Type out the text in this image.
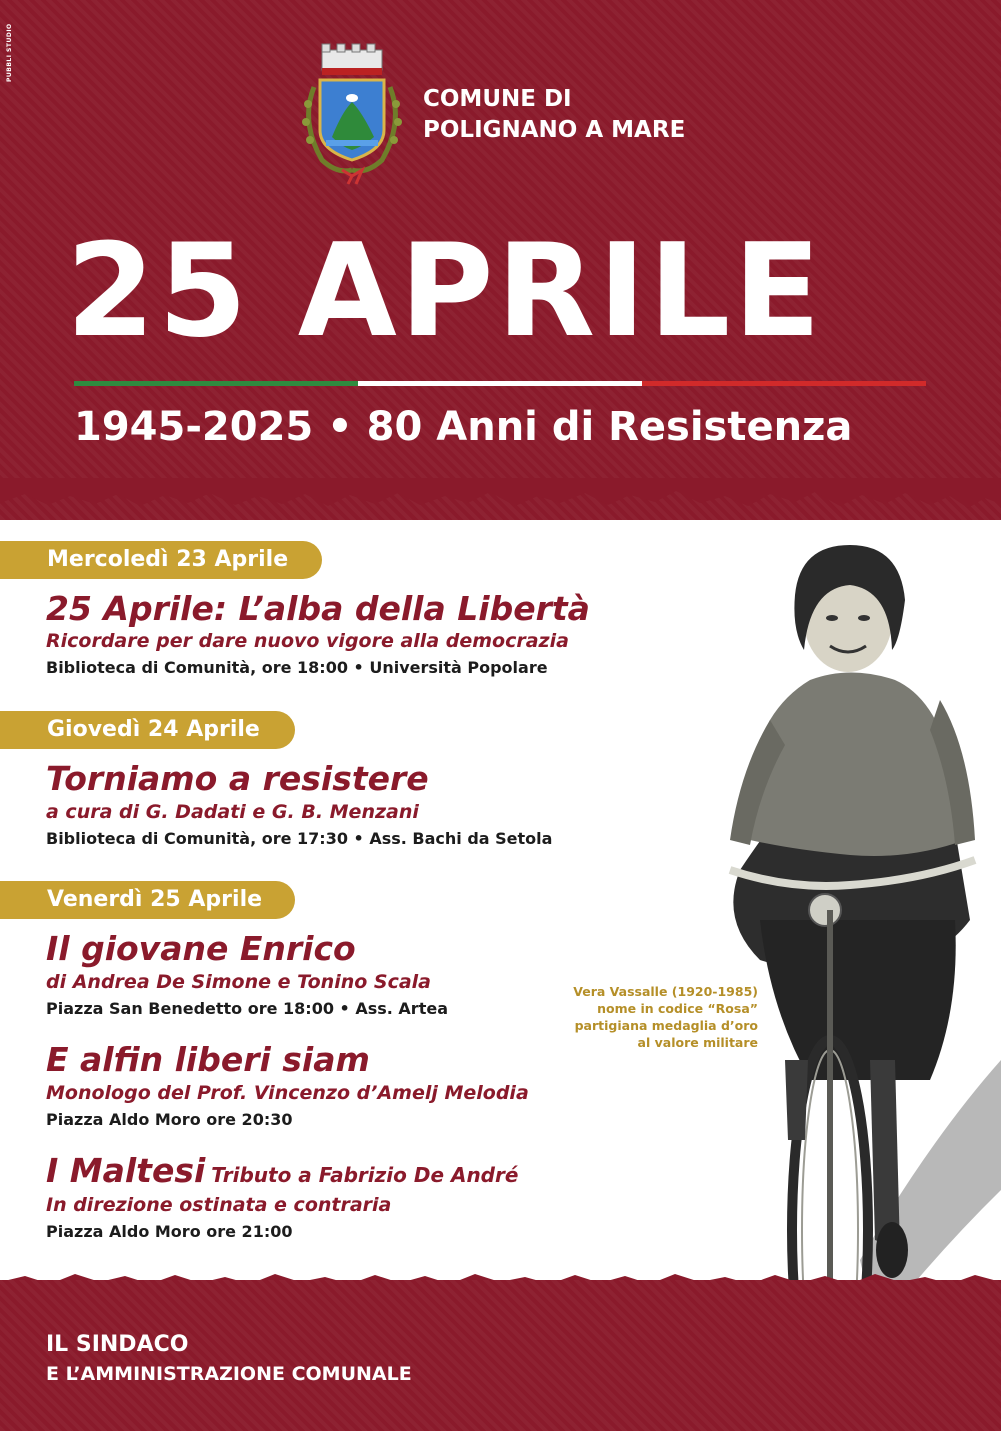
PUBBLI STUDIO
COMUNE DI
POLIGNANO A MARE
25 APRILE
1945-2025 • 80 Anni di Resistenza
Mercoledì 23 Aprile
25 Aprile: L’alba della Libertà
Ricordare per dare nuovo vigore alla democrazia
Biblioteca di Comunità, ore 18:00 • Università Popolare
Giovedì 24 Aprile
Torniamo a resistere
a cura di G. Dadati e G. B. Menzani
Biblioteca di Comunità, ore 17:30 • Ass. Bachi da Setola
Venerdì 25 Aprile
Il giovane Enrico
di Andrea De Simone e Tonino Scala
Piazza San Benedetto ore 18:00 • Ass. Artea
E alfin liberi siam
Monologo del Prof. Vincenzo d’Amelj Melodia
Piazza Aldo Moro ore 20:30
I Maltesi Tributo a Fabrizio De André
In direzione ostinata e contraria
Piazza Aldo Moro ore 21:00
Vera Vassalle (1920-1985)
nome in codice “Rosa”
partigiana medaglia d’oro
al valore militare
IL SINDACO
E L’AMMINISTRAZIONE COMUNALE
